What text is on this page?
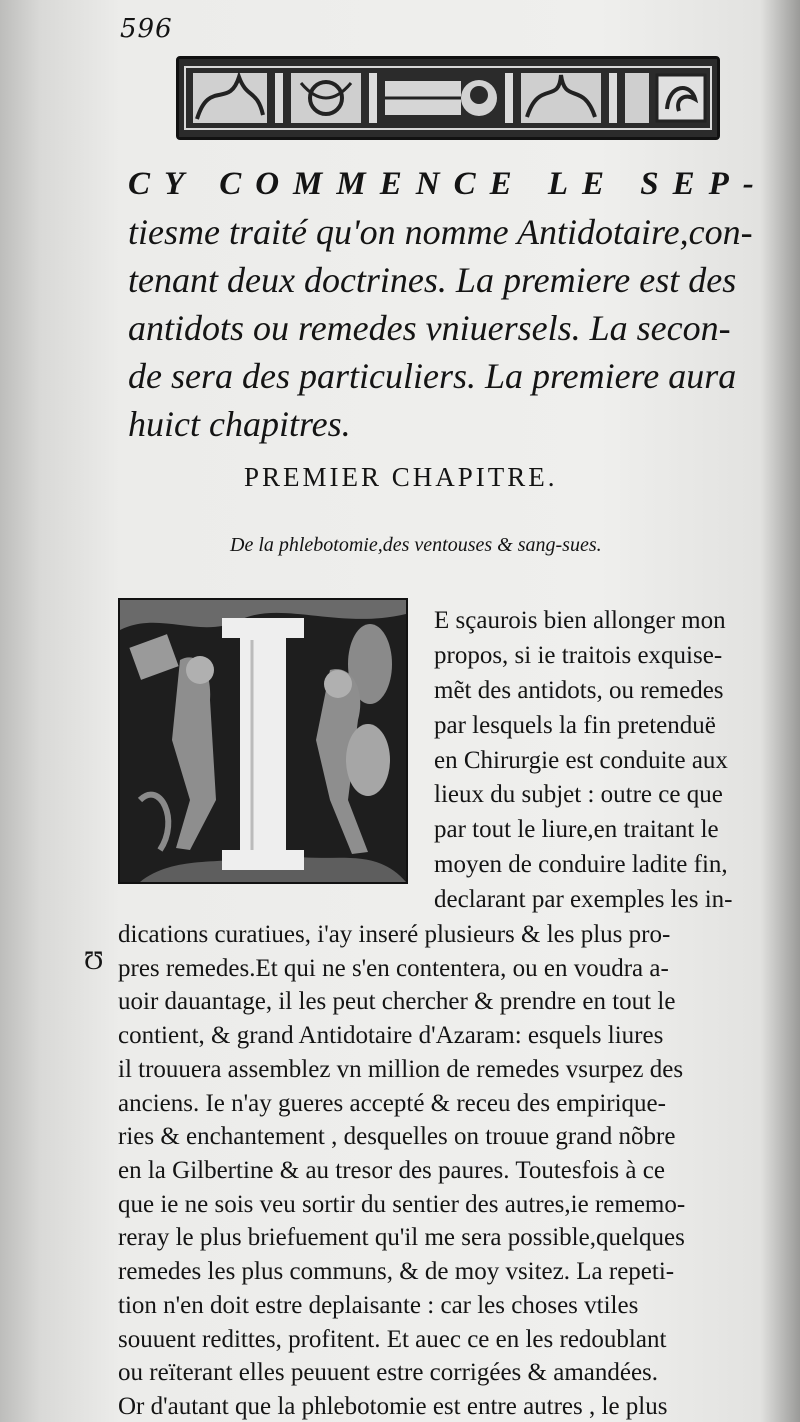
596
CY COMMENCE LE SEP-
tiesme traité qu'on nomme Antidotaire,con-
tenant deux doctrines. La premiere est des
antidots ou remedes vniuersels. La secon-
de sera des particuliers. La premiere aura
huict chapitres.
PREMIER CHAPITRE.
De la phlebotomie,des ventouses & sang-sues.
E sçaurois bien allonger mon
propos, si ie traitois exquise-
mẽt des antidots, ou remedes
par lesquels la fin pretenduë
en Chirurgie est conduite aux
lieux du subjet : outre ce que
par tout le liure,en traitant le
moyen de conduire ladite fin,
declarant par exemples les in-
Ʊ
dications curatiues, i'ay inseré plusieurs & les plus pro-
pres remedes.Et qui ne s'en contentera, ou en voudra a-
uoir dauantage, il les peut chercher & prendre en tout le
contient, & grand Antidotaire d'Azaram: esquels liures
il trouuera assemblez vn million de remedes vsurpez des
anciens. Ie n'ay gueres accepté & receu des empirique-
ries & enchantement , desquelles on trouue grand nõbre
en la Gilbertine & au tresor des paures. Toutesfois à ce
que ie ne sois veu sortir du sentier des autres,ie rememo-
reray le plus briefuement qu'il me sera possible,quelques
remedes les plus communs, & de moy vsitez. La repeti-
tion n'en doit estre deplaisante : car les choses vtiles
souuent redittes, profitent. Et auec ce en les redoublant
ou reïterant elles peuuent estre corrigées & amandées.
Or d'autant que la phlebotomie est entre autres , le plus
